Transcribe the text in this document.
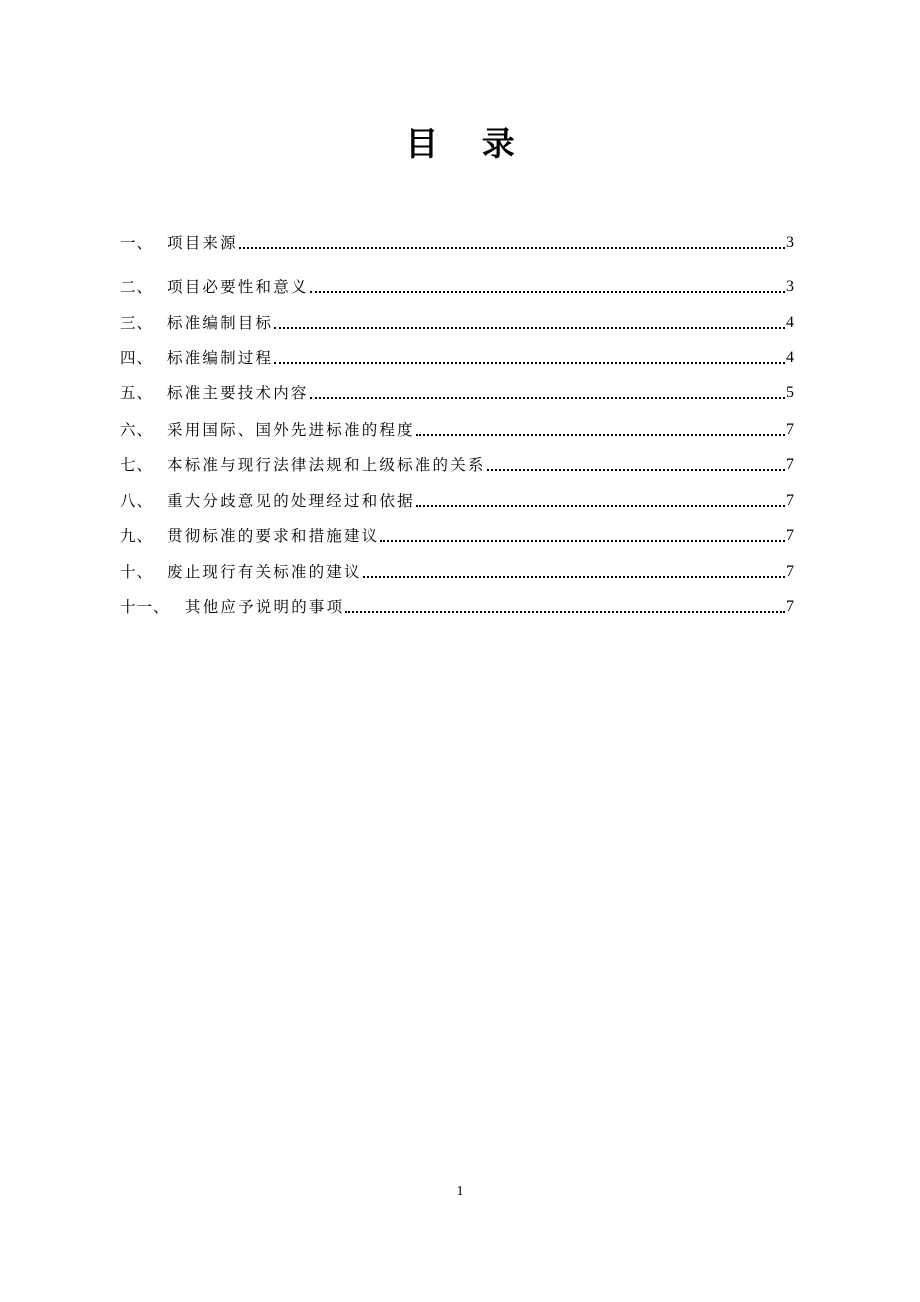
目 录
一、 项目来源	3
二、 项目必要性和意义	3
三、 标准编制目标	4
四、 标准编制过程	4
五、 标准主要技术内容	5
六、 采用国际、国外先进标准的程度	7
七、 本标准与现行法律法规和上级标准的关系	7
八、 重大分歧意见的处理经过和依据	7
九、 贯彻标准的要求和措施建议	7
十、 废止现行有关标准的建议	7
十一、 其他应予说明的事项	7
1
